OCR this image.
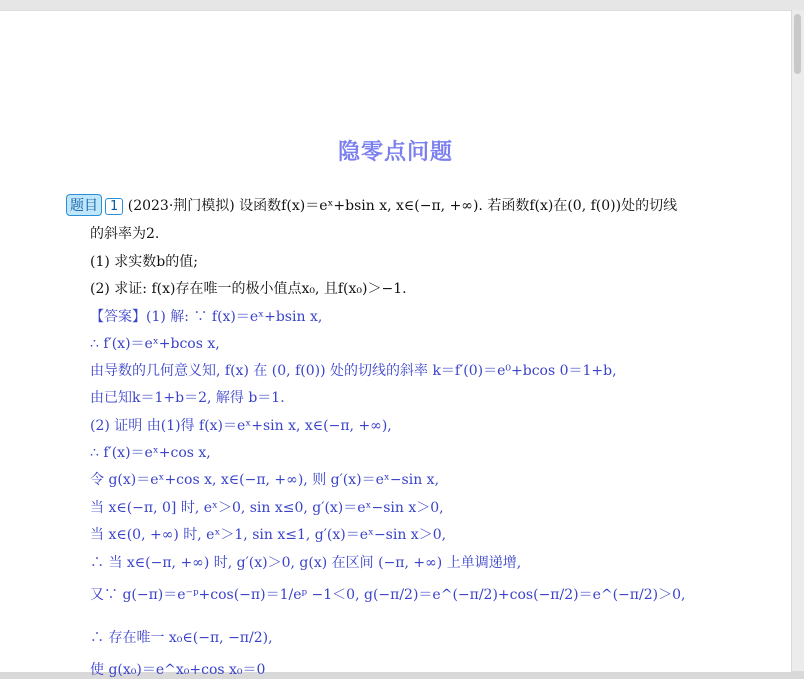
隐零点问题
题目 1 (2023·荆门模拟) 设函数f(x)＝eˣ+bsin x, x∈(−π, +∞). 若函数f(x)在(0, f(0))处的切线
的斜率为2.
(1) 求实数b的值;
(2) 求证: f(x)存在唯一的极小值点x₀, 且f(x₀)＞−1.
【答案】(1) 解: ∵ f(x)＝eˣ+bsin x,
∴ f′(x)＝eˣ+bcos x,
由导数的几何意义知, f(x) 在 (0, f(0)) 处的切线的斜率 k＝f′(0)＝e⁰+bcos 0＝1+b,
由已知k＝1+b＝2, 解得 b＝1.
(2) 证明 由(1)得 f(x)＝eˣ+sin x, x∈(−π, +∞),
∴ f′(x)＝eˣ+cos x,
令 g(x)＝eˣ+cos x, x∈(−π, +∞), 则 g′(x)＝eˣ−sin x,
当 x∈(−π, 0] 时, eˣ＞0, sin x≤0, g′(x)＝eˣ−sin x＞0,
当 x∈(0, +∞) 时, eˣ＞1, sin x≤1, g′(x)＝eˣ−sin x＞0,
∴ 当 x∈(−π, +∞) 时, g′(x)＞0, g(x) 在区间 (−π, +∞) 上单调递增,
又∵ g(−π)＝e⁻ᵖ+cos(−π)＝1/eᵖ −1＜0, g(−π/2)＝e^(−π/2)+cos(−π/2)＝e^(−π/2)＞0,
∴ 存在唯一 x₀∈(−π, −π/2),
使 g(x₀)＝e^x₀+cos x₀＝0
